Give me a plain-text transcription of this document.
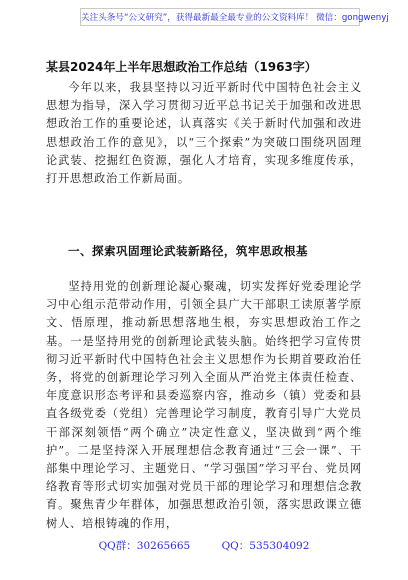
关注头条号“公文研究”，获得最新最全最专业的公文资料库！ 微信：gongwenyj
某县2024年上半年思想政治工作总结（1963字）

今年以来，我县坚持以习近平新时代中国特色社会主义思想为指导，深入学习贯彻习近平总书记关于加强和改进思想政治工作的重要论述，认真落实《关于新时代加强和改进思想政治工作的意见》，以“三个探索”为突破口围绕巩固理论武装、挖掘红色资源，强化人才培育，实现多维度传承，打开思想政治工作新局面。

一、探索巩固理论武装新路径，筑牢思政根基

坚持用党的创新理论凝心聚魂，切实发挥好党委理论学习中心组示范带动作用，引领全县广大干部职工读原著学原文、悟原理，推动新思想落地生根，夯实思想政治工作之基。一是坚持用党的创新理论武装头脑。始终把学习宣传贯彻习近平新时代中国特色社会主义思想作为长期首要政治任务，将党的创新理论学习列入全面从严治党主体责任检查、年度意识形态考评和县委巡察内容，推动乡（镇）党委和县直各级党委（党组）完善理论学习制度，教育引导广大党员干部深刻领悟“两个确立”决定性意义，坚决做到“两个维护”。二是坚持深入开展理想信念教育通过“三会一课”、干部集中理论学习、主题党日、“学习强国”学习平台、党员网络教育等形式切实加强对党员干部的理论学习和理想信念教育。聚焦青少年群体，加强思想政治引领，落实思政课立德树人、培根铸魂的作用，

QQ群：30265665	QQ：535304092
